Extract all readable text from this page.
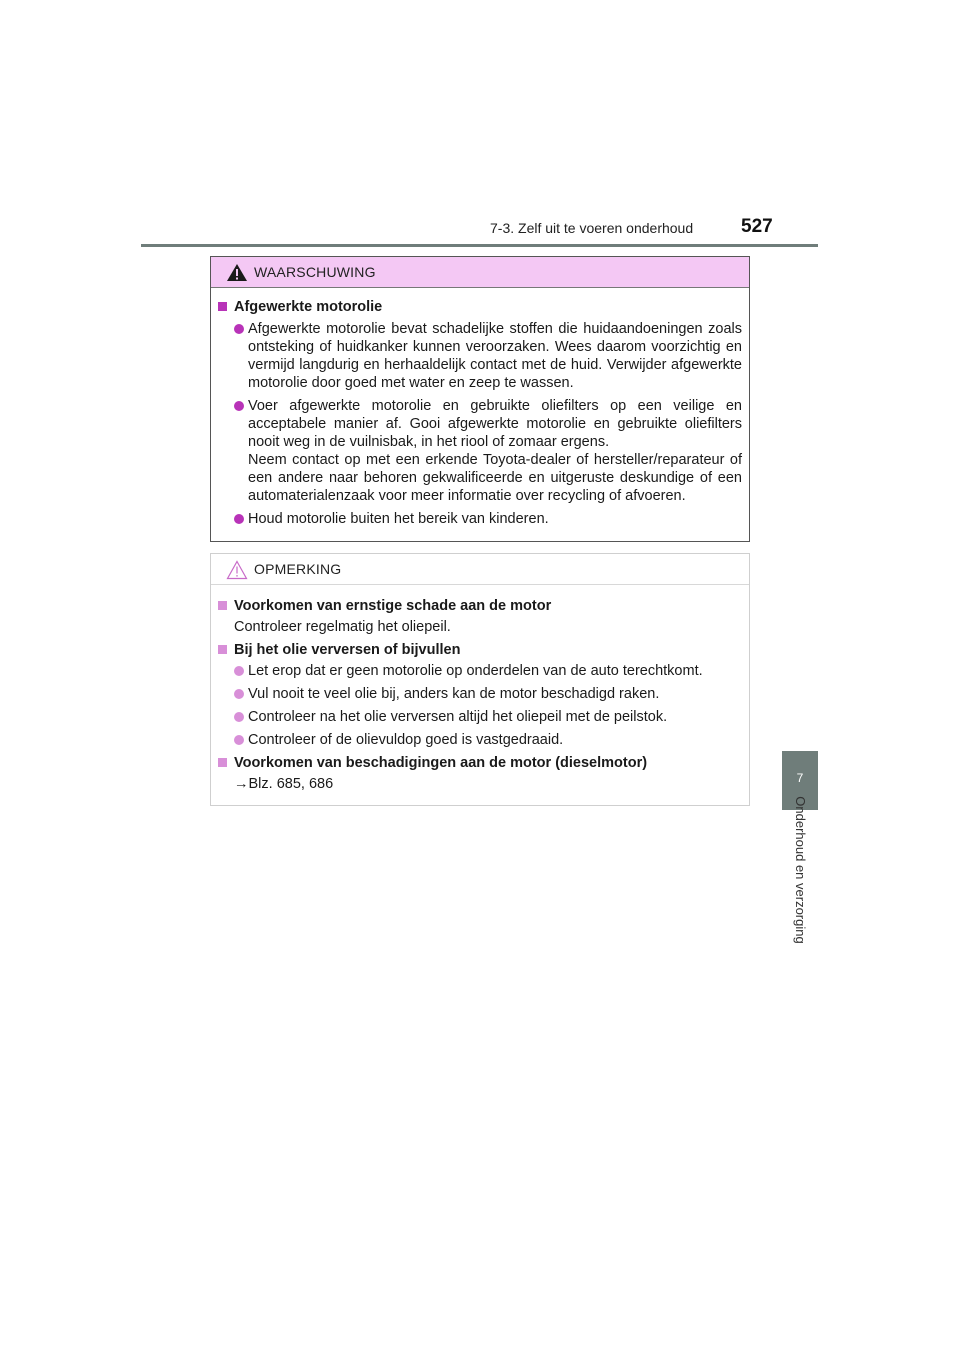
7-3. Zelf uit te voeren onderhoud	527
7
Onderhoud en verzorging
WAARSCHUWING
Afgewerkte motorolie
Afgewerkte motorolie bevat schadelijke stoffen die huidaandoeningen zoals ontsteking of huidkanker kunnen veroorzaken. Wees daarom voorzichtig en vermijd langdurig en herhaaldelijk contact met de huid. Verwijder afgewerkte motorolie door goed met water en zeep te wassen.
Voer afgewerkte motorolie en gebruikte oliefilters op een veilige en acceptabele manier af. Gooi afgewerkte motorolie en gebruikte oliefilters nooit weg in de vuilnisbak, in het riool of zomaar ergens.
Neem contact op met een erkende Toyota-dealer of hersteller/reparateur of een andere naar behoren gekwalificeerde en uitgeruste deskundige of een automaterialenzaak voor meer informatie over recycling of afvoeren.
Houd motorolie buiten het bereik van kinderen.
OPMERKING
Voorkomen van ernstige schade aan de motor
Controleer regelmatig het oliepeil.
Bij het olie verversen of bijvullen
Let erop dat er geen motorolie op onderdelen van de auto terechtkomt.
Vul nooit te veel olie bij, anders kan de motor beschadigd raken.
Controleer na het olie verversen altijd het oliepeil met de peilstok.
Controleer of de olievuldop goed is vastgedraaid.
Voorkomen van beschadigingen aan de motor (dieselmotor)
→Blz. 685, 686
